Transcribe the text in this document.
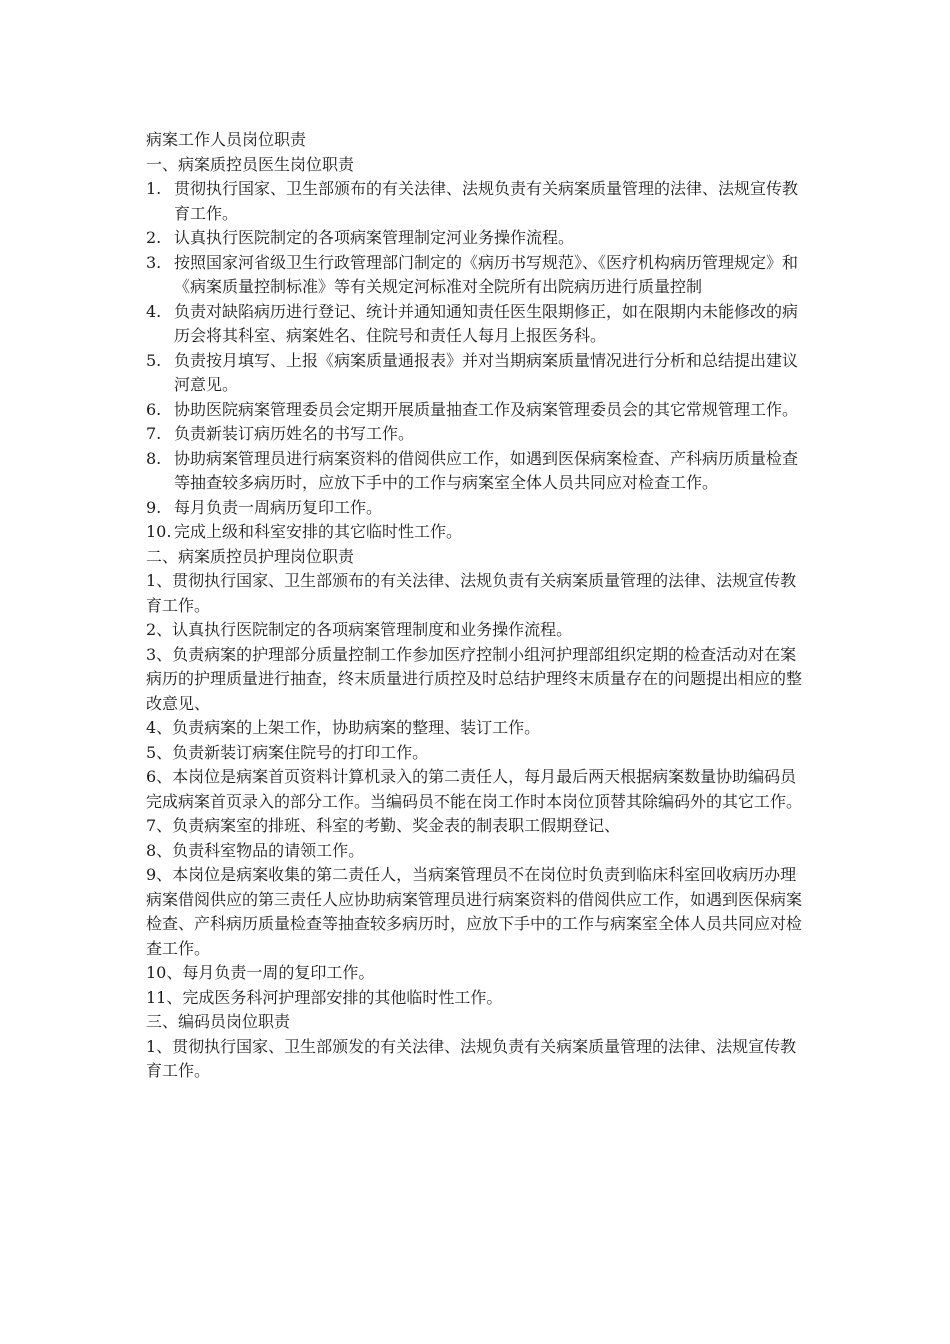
病案工作人员岗位职责

一、病案质控员医生岗位职责

1. 贯彻执行国家、卫生部颁布的有关法律、法规负责有关病案质量管理的法律、法规宣传教育工作。
2. 认真执行医院制定的各项病案管理制定河业务操作流程。
3. 按照国家河省级卫生行政管理部门制定的《病历书写规范》、《医疗机构病历管理规定》和《病案质量控制标准》等有关规定河标准对全院所有出院病历进行质量控制
4. 负责对缺陷病历进行登记、统计并通知通知责任医生限期修正，如在限期内未能修改的病历会将其科室、病案姓名、住院号和责任人每月上报医务科。
5. 负责按月填写、上报《病案质量通报表》并对当期病案质量情况进行分析和总结提出建议河意见。
6. 协助医院病案管理委员会定期开展质量抽查工作及病案管理委员会的其它常规管理工作。
7. 负责新装订病历姓名的书写工作。
8. 协助病案管理员进行病案资料的借阅供应工作，如遇到医保病案检查、产科病历质量检查等抽查较多病历时，应放下手中的工作与病案室全体人员共同应对检查工作。
9. 每月负责一周病历复印工作。
10. 完成上级和科室安排的其它临时性工作。

二、病案质控员护理岗位职责

1、贯彻执行国家、卫生部颁布的有关法律、法规负责有关病案质量管理的法律、法规宣传教育工作。

2、认真执行医院制定的各项病案管理制度和业务操作流程。

3、负责病案的护理部分质量控制工作参加医疗控制小组河护理部组织定期的检查活动对在案病历的护理质量进行抽查，终末质量进行质控及时总结护理终末质量存在的问题提出相应的整改意见、

4、负责病案的上架工作，协助病案的整理、装订工作。

5、负责新装订病案住院号的打印工作。

6、本岗位是病案首页资料计算机录入的第二责任人，每月最后两天根据病案数量协助编码员完成病案首页录入的部分工作。当编码员不能在岗工作时本岗位顶替其除编码外的其它工作。

7、负责病案室的排班、科室的考勤、奖金表的制表职工假期登记、

8、负责科室物品的请领工作。

9、本岗位是病案收集的第二责任人，当病案管理员不在岗位时负责到临床科室回收病历办理病案借阅供应的第三责任人应协助病案管理员进行病案资料的借阅供应工作，如遇到医保病案检查、产科病历质量检查等抽查较多病历时，应放下手中的工作与病案室全体人员共同应对检查工作。

10、每月负责一周的复印工作。

11、完成医务科河护理部安排的其他临时性工作。

三、编码员岗位职责

1、贯彻执行国家、卫生部颁发的有关法律、法规负责有关病案质量管理的法律、法规宣传教育工作。
